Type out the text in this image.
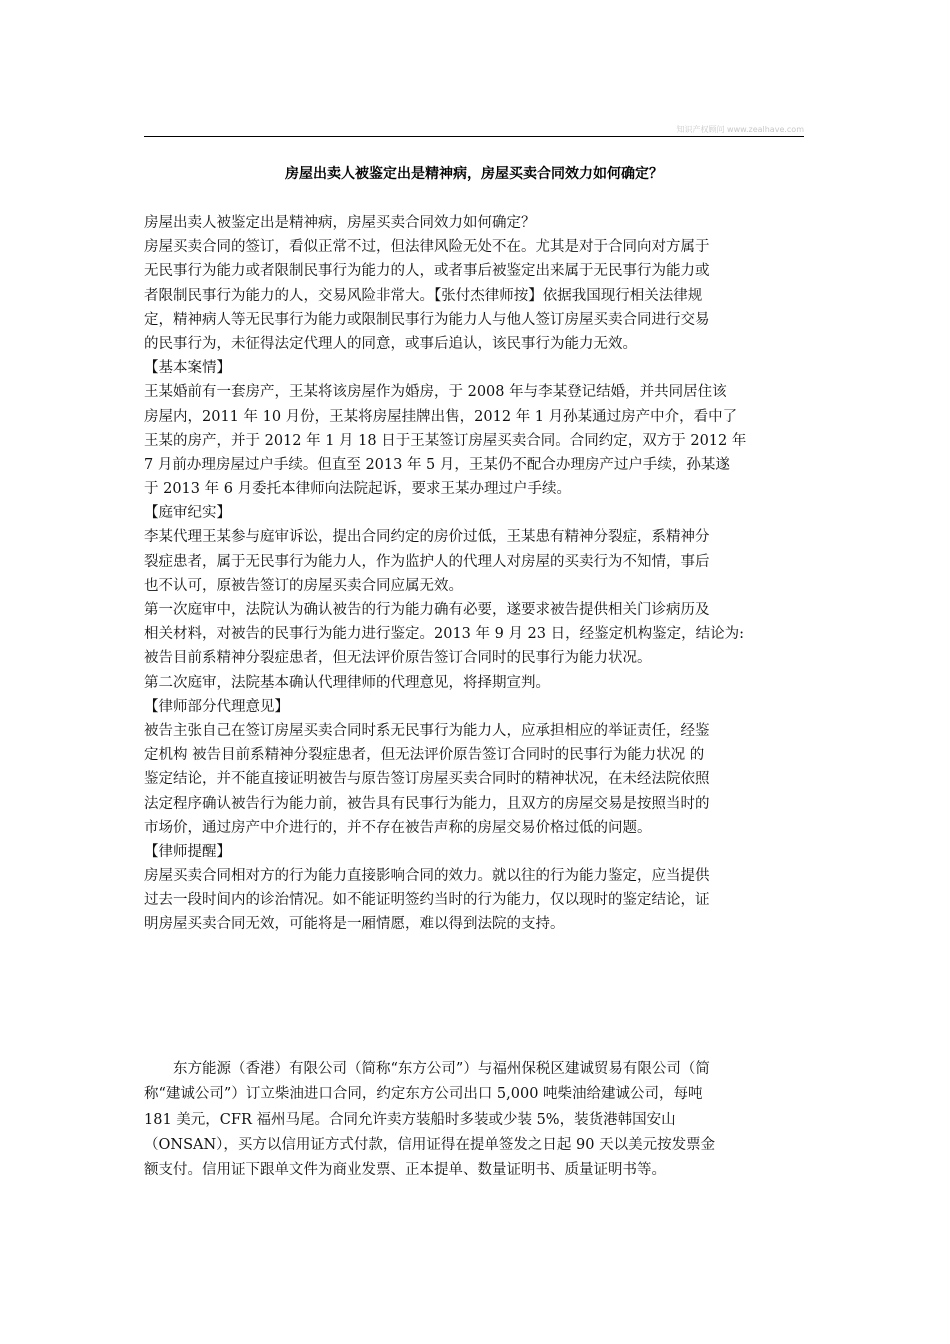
知识产权顾问 www.zealhave.com
房屋出卖人被鉴定出是精神病，房屋买卖合同效力如何确定？
房屋出卖人被鉴定出是精神病，房屋买卖合同效力如何确定？
房屋买卖合同的签订，看似正常不过，但法律风险无处不在。尤其是对于合同向对方属于
无民事行为能力或者限制民事行为能力的人，或者事后被鉴定出来属于无民事行为能力或
者限制民事行为能力的人，交易风险非常大。【张付杰律师按】依据我国现行相关法律规
定，精神病人等无民事行为能力或限制民事行为能力人与他人签订房屋买卖合同进行交易
的民事行为，未征得法定代理人的同意，或事后追认，该民事行为能力无效。
【基本案情】
王某婚前有一套房产，王某将该房屋作为婚房，于 2008 年与李某登记结婚，并共同居住该
房屋内，2011 年 10 月份，王某将房屋挂牌出售，2012 年 1 月孙某通过房产中介，看中了
王某的房产，并于 2012 年 1 月 18 日于王某签订房屋买卖合同。合同约定，双方于 2012 年
7 月前办理房屋过户手续。但直至 2013 年 5 月，王某仍不配合办理房产过户手续，孙某遂
于 2013 年 6 月委托本律师向法院起诉，要求王某办理过户手续。
【庭审纪实】
李某代理王某参与庭审诉讼，提出合同约定的房价过低，王某患有精神分裂症，系精神分
裂症患者，属于无民事行为能力人，作为监护人的代理人对房屋的买卖行为不知情，事后
也不认可，原被告签订的房屋买卖合同应属无效。
第一次庭审中，法院认为确认被告的行为能力确有必要，遂要求被告提供相关门诊病历及
相关材料，对被告的民事行为能力进行鉴定。2013 年 9 月 23 日，经鉴定机构鉴定，结论为:
被告目前系精神分裂症患者，但无法评价原告签订合同时的民事行为能力状况。
第二次庭审，法院基本确认代理律师的代理意见，将择期宣判。
【律师部分代理意见】
被告主张自己在签订房屋买卖合同时系无民事行为能力人，应承担相应的举证责任，经鉴
定机构 被告目前系精神分裂症患者，但无法评价原告签订合同时的民事行为能力状况 的
鉴定结论，并不能直接证明被告与原告签订房屋买卖合同时的精神状况，在未经法院依照
法定程序确认被告行为能力前，被告具有民事行为能力，且双方的房屋交易是按照当时的
市场价，通过房产中介进行的，并不存在被告声称的房屋交易价格过低的问题。
【律师提醒】
房屋买卖合同相对方的行为能力直接影响合同的效力。就以往的行为能力鉴定，应当提供
过去一段时间内的诊治情况。如不能证明签约当时的行为能力，仅以现时的鉴定结论，证
明房屋买卖合同无效，可能将是一厢情愿，难以得到法院的支持。
　　东方能源（香港）有限公司（简称“东方公司”）与福州保税区建诚贸易有限公司（简
称“建诚公司”）订立柴油进口合同，约定东方公司出口 5,000 吨柴油给建诚公司，每吨
181 美元，CFR 福州马尾。合同允许卖方装船时多装或少装 5%，装货港韩国安山
（ONSAN），买方以信用证方式付款，信用证得在提单签发之日起 90 天以美元按发票金
额支付。信用证下跟单文件为商业发票、正本提单、数量证明书、质量证明书等。
